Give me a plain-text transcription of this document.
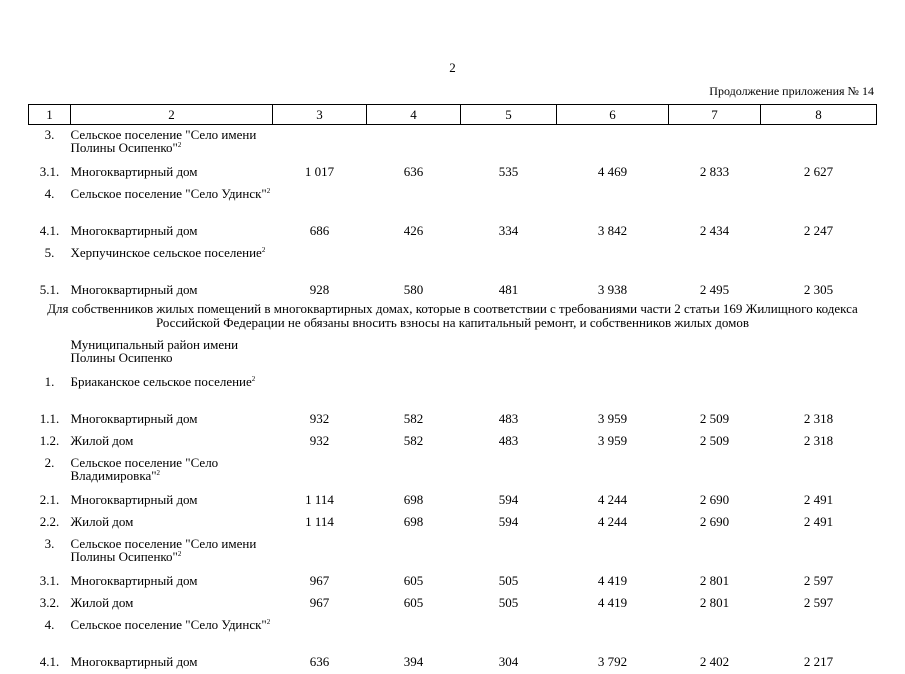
2
Продолжение приложения № 14
1	2	3	4	5	6	7	8
3.	Сельское поселение "Село имени Полины Осипенко"$^2$	
3.1.	Многоквартирный дом	1 017	636	535	4 469	2 833	2 627
4.	Сельское поселение "Село Удинск"$^2$	
4.1.	Многоквартирный дом	686	426	334	3 842	2 434	2 247
5.	Херпучинское сельское поселение$^2$	
5.1.	Многоквартирный дом	928	580	481	3 938	2 495	2 305
Для собственников жилых помещений в многоквартирных домах, которые в соответствии с требованиями части 2 статьи 169 Жилищного кодекса Российской Федерации не обязаны вносить взносы на капитальный ремонт, и собственников жилых домов							
	Муниципальный район имени Полины Осипенко						
1.	Бриаканское сельское поселение$^2$	
1.1.	Многоквартирный дом	932	582	483	3 959	2 509	2 318
1.2.	Жилой дом	932	582	483	3 959	2 509	2 318
2.	Сельское поселение "Село Владимировка"$^2$	
2.1.	Многоквартирный дом	1 114	698	594	4 244	2 690	2 491
2.2.	Жилой дом	1 114	698	594	4 244	2 690	2 491
3.	Сельское поселение "Село имени Полины Осипенко"$^2$	
3.1.	Многоквартирный дом	967	605	505	4 419	2 801	2 597
3.2.	Жилой дом	967	605	505	4 419	2 801	2 597
4.	Сельское поселение "Село Удинск"$^2$	
4.1.	Многоквартирный дом	636	394	304	3 792	2 402	2 217
